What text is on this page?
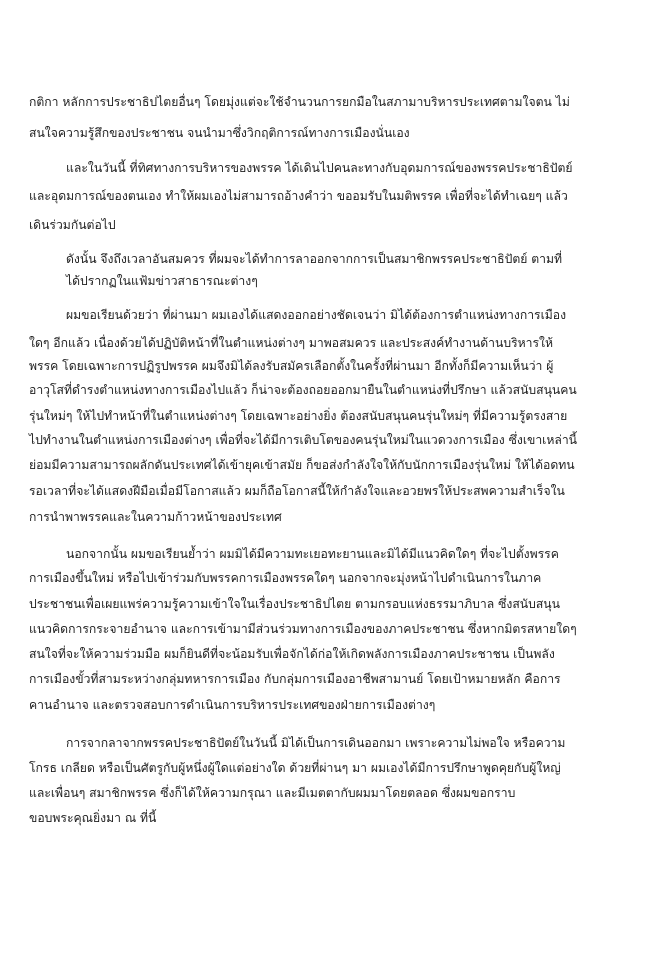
กติกา หลักการประชาธิปไตยอื่นๆ โดยมุ่งแต่จะใช้จำนวนการยกมือในสภามาบริหารประเทศตามใจตน ไม่
สนใจความรู้สึกของประชาชน จนนำมาซึ่งวิกฤติการณ์ทางการเมืองนั่นเอง
และในวันนี้ ที่ทิศทางการบริหารของพรรค ได้เดินไปคนละทางกับอุดมการณ์ของพรรคประชาธิปัตย์
และอุดมการณ์ของตนเอง ทำให้ผมเองไม่สามารถอ้างคำว่า ขออมรับในมติพรรค เพื่อที่จะได้ทำเฉยๆ แล้ว
เดินร่วมกันต่อไป
ดังนั้น จึงถึงเวลาอันสมควร ที่ผมจะได้ทำการลาออกจากการเป็นสมาชิกพรรคประชาธิปัตย์ ตามที่
ได้ปรากฏในแฟ้มข่าวสาธารณะต่างๆ
ผมขอเรียนด้วยว่า ที่ผ่านมา ผมเองได้แสดงออกอย่างชัดเจนว่า มิได้ต้องการตำแหน่งทางการเมือง
ใดๆ อีกแล้ว เนื่องด้วยได้ปฏิบัติหน้าที่ในตำแหน่งต่างๆ มาพอสมควร และประสงค์ทำงานด้านบริหารให้
พรรค โดยเฉพาะการปฏิรูปพรรค ผมจึงมิได้ลงรับสมัครเลือกตั้งในครั้งที่ผ่านมา อีกทั้งก็มีความเห็นว่า ผู้
อาวุโสที่ดำรงตำแหน่งทางการเมืองไปแล้ว ก็น่าจะต้องถอยออกมายืนในตำแหน่งที่ปรึกษา แล้วสนับสนุนคน
รุ่นใหม่ๆ ให้ไปทำหน้าที่ในตำแหน่งต่างๆ โดยเฉพาะอย่างยิ่ง ต้องสนับสนุนคนรุ่นใหม่ๆ ที่มีความรู้ตรงสาย
ไปทำงานในตำแหน่งการเมืองต่างๆ เพื่อที่จะได้มีการเติบโตของคนรุ่นใหม่ในแวดวงการเมือง ซึ่งเขาเหล่านี้
ย่อมมีความสามารถผลักดันประเทศได้เข้ายุคเข้าสมัย ก็ขอส่งกำลังใจให้กับนักการเมืองรุ่นใหม่ ให้ได้อดทน
รอเวลาที่จะได้แสดงฝีมือเมื่อมีโอกาสแล้ว ผมก็ถือโอกาสนี้ให้กำลังใจและอวยพรให้ประสพความสำเร็จใน
การนำพาพรรคและในความก้าวหน้าของประเทศ
นอกจากนั้น ผมขอเรียนย้ำว่า ผมมิได้มีความทะเยอทะยานและมิได้มีแนวคิดใดๆ ที่จะไปตั้งพรรค
การเมืองขึ้นใหม่ หรือไปเข้าร่วมกับพรรคการเมืองพรรคใดๆ นอกจากจะมุ่งหน้าไปดำเนินการในภาค
ประชาชนเพื่อเผยแพร่ความรู้ความเข้าใจในเรื่องประชาธิปไตย ตามกรอบแห่งธรรมาภิบาล ซึ่งสนับสนุน
แนวคิดการกระจายอำนาจ และการเข้ามามีส่วนร่วมทางการเมืองของภาคประชาชน ซึ่งหากมิตรสหายใดๆ
สนใจที่จะให้ความร่วมมือ ผมก็ยินดีที่จะน้อมรับเพื่อจักได้ก่อให้เกิดพลังการเมืองภาคประชาชน เป็นพลัง
การเมืองขั้วที่สามระหว่างกลุ่มทหารการเมือง กับกลุ่มการเมืองอาชีพสามานย์ โดยเป้าหมายหลัก คือการ
คานอำนาจ และตรวจสอบการดำเนินการบริหารประเทศของฝ่ายการเมืองต่างๆ
การจากลาจากพรรคประชาธิปัตย์ในวันนี้ มิได้เป็นการเดินออกมา เพราะความไม่พอใจ หรือความ
โกรธ เกลียด หรือเป็นศัตรูกับผู้หนึ่งผู้ใดแต่อย่างใด ด้วยที่ผ่านๆ มา ผมเองได้มีการปรึกษาพูดคุยกับผู้ใหญ่
และเพื่อนๆ สมาชิกพรรค ซึ่งก็ได้ให้ความกรุณา และมีเมตตากับผมมาโดยตลอด ซึ่งผมขอกราบ
ขอบพระคุณยิ่งมา ณ ที่นี้
